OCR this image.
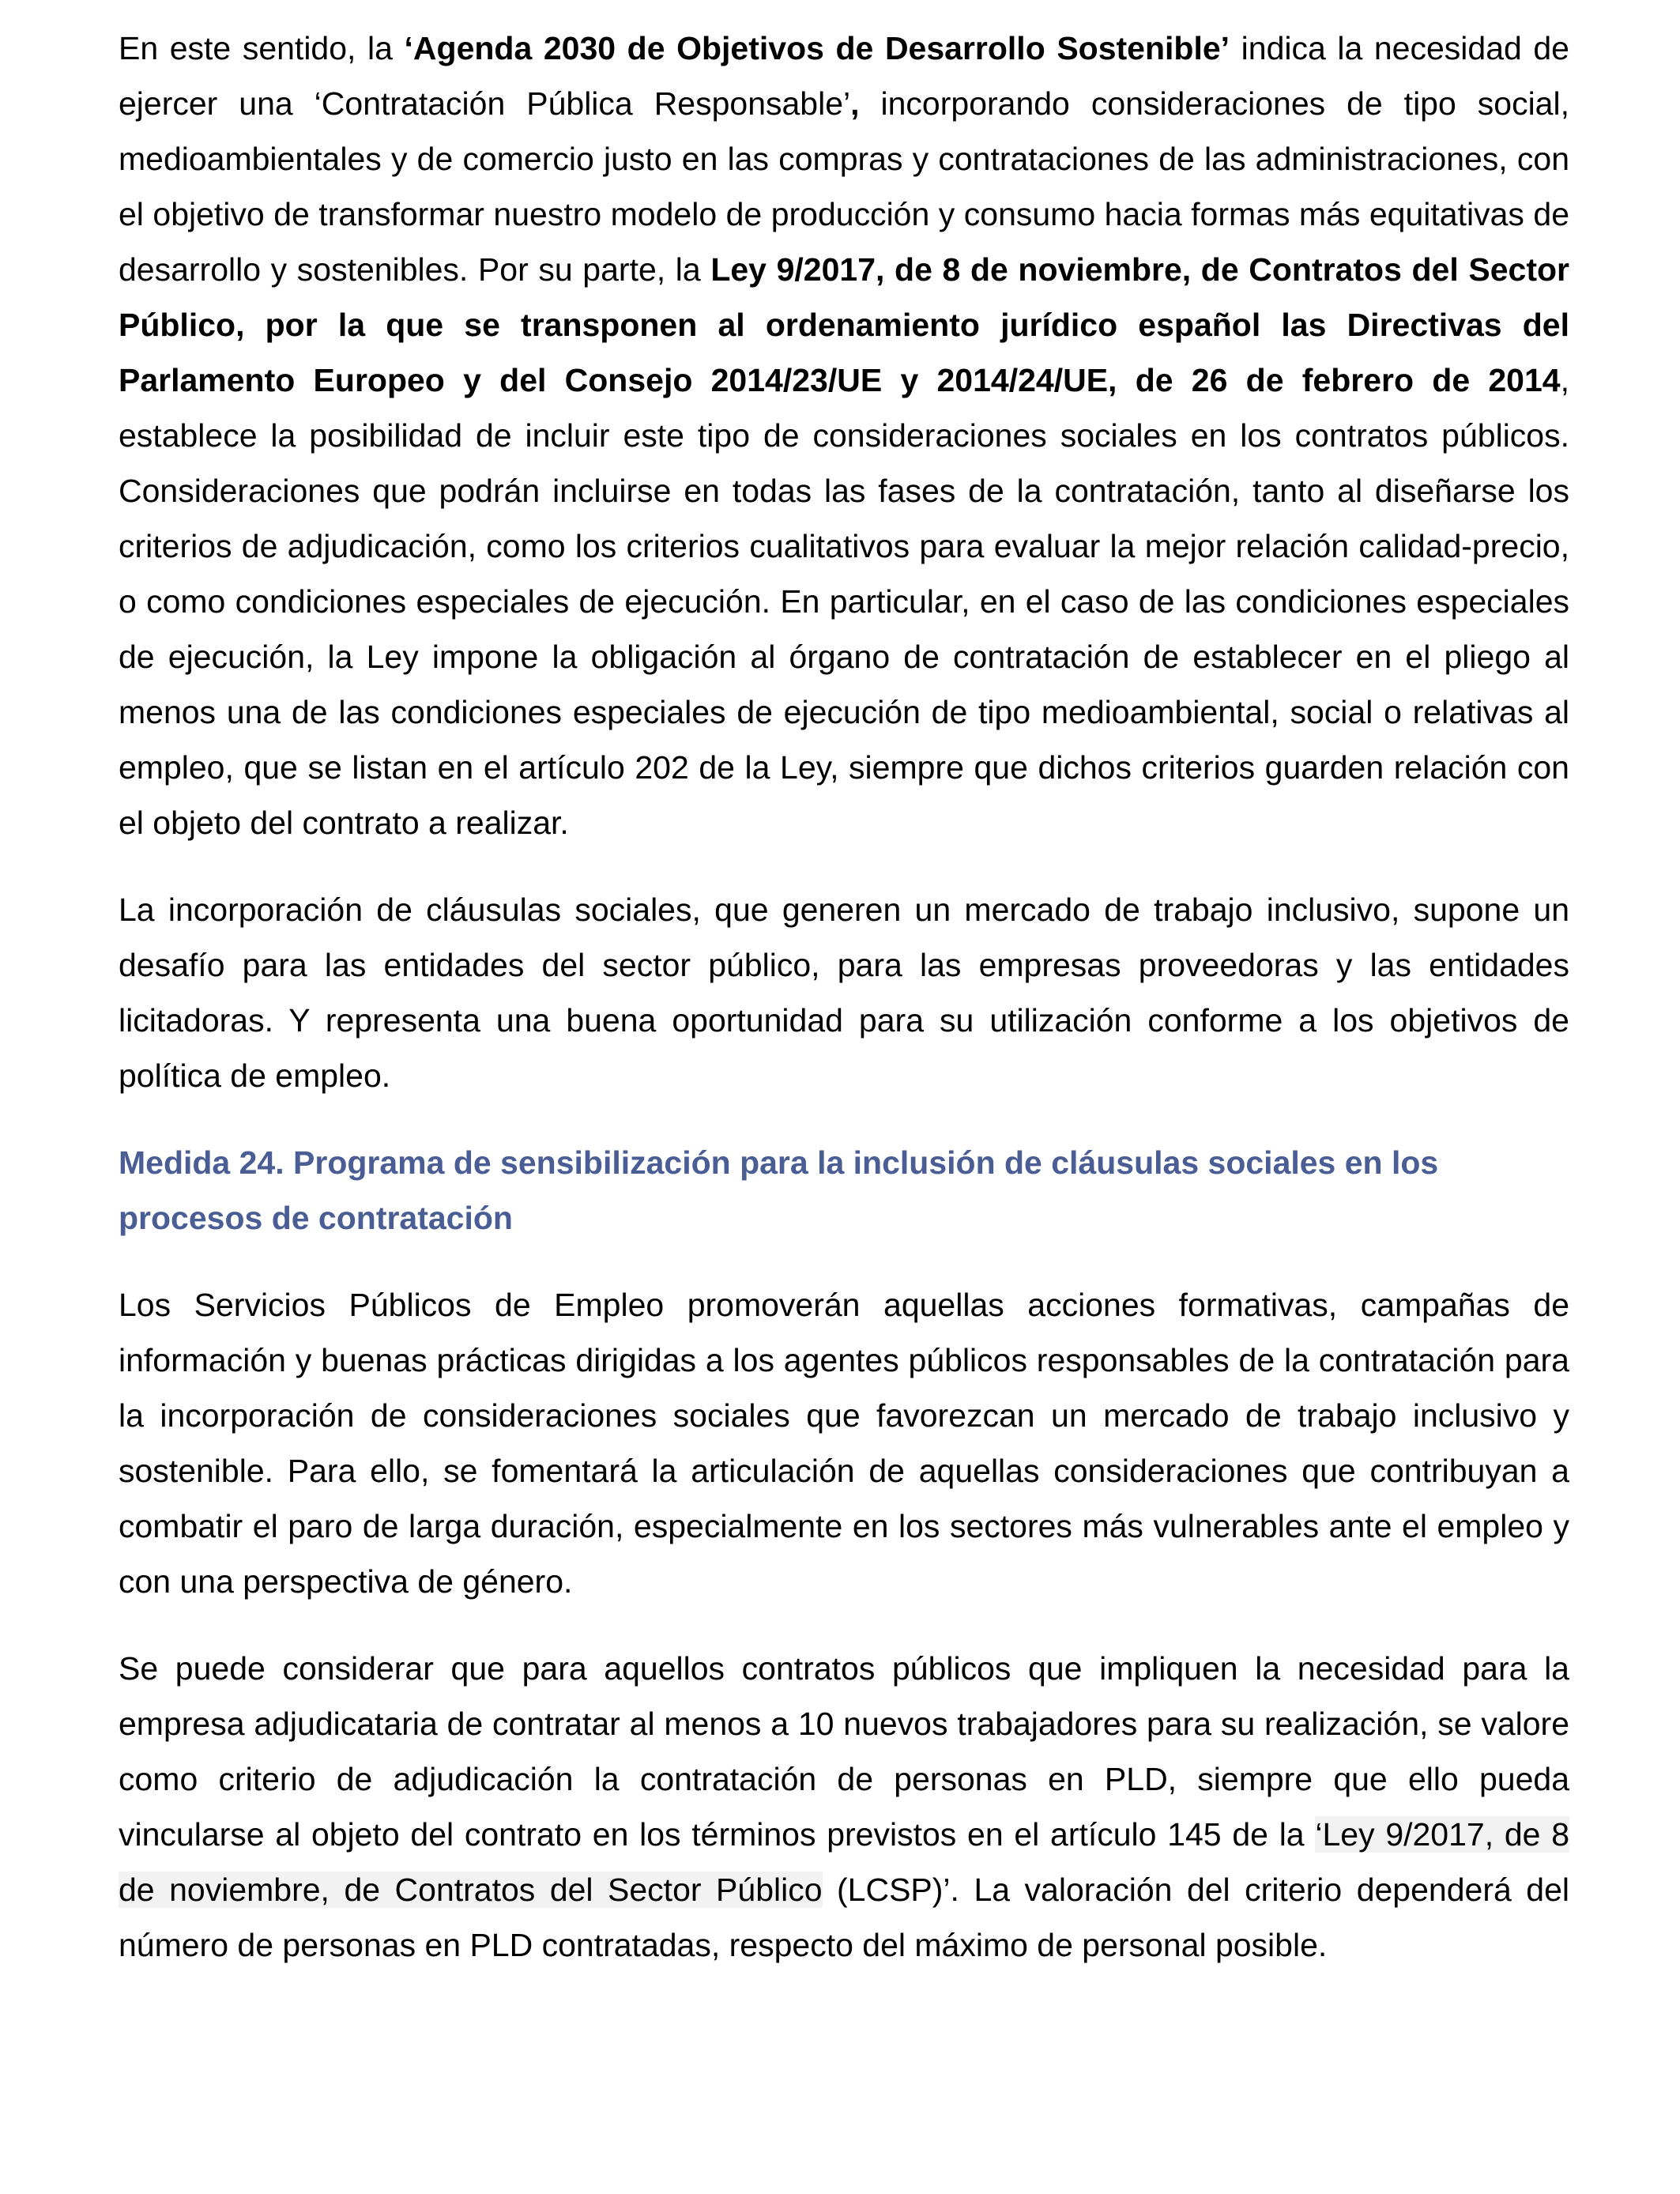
En este sentido, la ‘Agenda 2030 de Objetivos de Desarrollo Sostenible’ indica la necesidad de ejercer una ‘Contratación Pública Responsable’, incorporando consideraciones de tipo social, medioambientales y de comercio justo en las compras y contrataciones de las administraciones, con el objetivo de transformar nuestro modelo de producción y consumo hacia formas más equitativas de desarrollo y sostenibles. Por su parte, la Ley 9/2017, de 8 de noviembre, de Contratos del Sector Público, por la que se transponen al ordenamiento jurídico español las Directivas del Parlamento Europeo y del Consejo 2014/23/UE y 2014/24/UE, de 26 de febrero de 2014, establece la posibilidad de incluir este tipo de consideraciones sociales en los contratos públicos. Consideraciones que podrán incluirse en todas las fases de la contratación, tanto al diseñarse los criterios de adjudicación, como los criterios cualitativos para evaluar la mejor relación calidad-precio, o como condiciones especiales de ejecución. En particular, en el caso de las condiciones especiales de ejecución, la Ley impone la obligación al órgano de contratación de establecer en el pliego al menos una de las condiciones especiales de ejecución de tipo medioambiental, social o relativas al empleo, que se listan en el artículo 202 de la Ley, siempre que dichos criterios guarden relación con el objeto del contrato a realizar.

La incorporación de cláusulas sociales, que generen un mercado de trabajo inclusivo, supone un desafío para las entidades del sector público, para las empresas proveedoras y las entidades licitadoras. Y representa una buena oportunidad para su utilización conforme a los objetivos de política de empleo.

Medida 24. Programa de sensibilización para la inclusión de cláusulas sociales en los procesos de contratación

Los Servicios Públicos de Empleo promoverán aquellas acciones formativas, campañas de información y buenas prácticas dirigidas a los agentes públicos responsables de la contratación para la incorporación de consideraciones sociales que favorezcan un mercado de trabajo inclusivo y sostenible. Para ello, se fomentará la articulación de aquellas consideraciones que contribuyan a combatir el paro de larga duración, especialmente en los sectores más vulnerables ante el empleo y con una perspectiva de género.

Se puede considerar que para aquellos contratos públicos que impliquen la necesidad para la empresa adjudicataria de contratar al menos a 10 nuevos trabajadores para su realización, se valore como criterio de adjudicación la contratación de personas en PLD, siempre que ello pueda vincularse al objeto del contrato en los términos previstos en el artículo 145 de la ‘Ley 9/2017, de 8 de noviembre, de Contratos del Sector Público (LCSP)’. La valoración del criterio dependerá del número de personas en PLD contratadas, respecto del máximo de personal posible.
